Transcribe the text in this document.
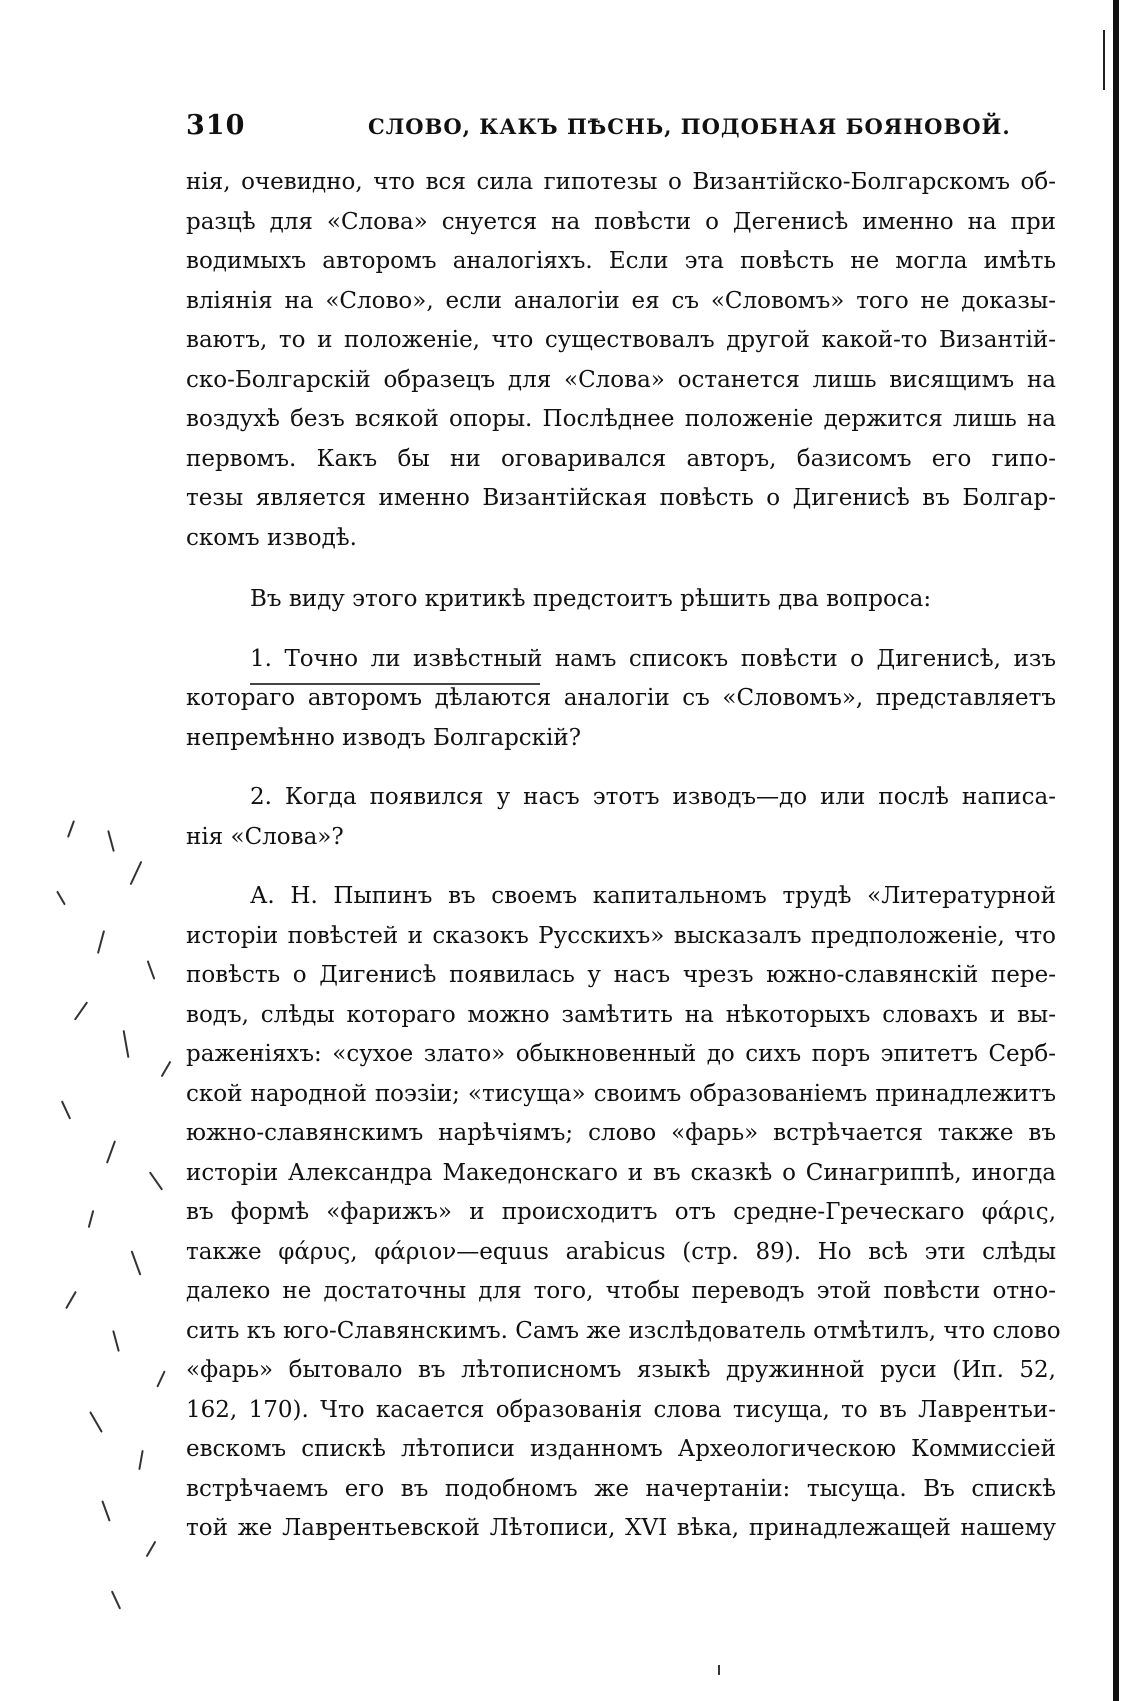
310	СЛОВО, КАКЪ ПѢСНЬ, ПОДОБНАЯ БОЯНОВОЙ.
нія, очевидно, что вся сила гипотезы о Византійско-Болгарскомъ об-
разцѣ для «Слова» снуется на повѣсти о Дегенисѣ именно на при
водимыхъ авторомъ аналогіяхъ. Если эта повѣсть не могла имѣть
вліянія на «Слово», если аналогіи ея съ «Словомъ» того не доказы-
ваютъ, то и положеніе, что существовалъ другой какой-то Византій-
ско-Болгарскій образецъ для «Слова» останется лишь висящимъ на
воздухѣ безъ всякой опоры. Послѣднее положеніе держится лишь на
первомъ. Какъ бы ни оговаривался авторъ, базисомъ его гипо-
тезы является именно Византійская повѣсть о Дигенисѣ въ Болгар-
скомъ изводѣ.
Въ виду этого критикѣ предстоитъ рѣшить два вопроса:
1. Точно ли извѣстный намъ списокъ повѣсти о Дигенисѣ, изъ
котораго авторомъ дѣлаются аналогіи съ «Словомъ», представляетъ
непремѣнно изводъ Болгарскій?
2. Когда появился у насъ этотъ изводъ—до или послѣ написа-
нія «Слова»?
А. Н. Пыпинъ въ своемъ капитальномъ трудѣ «Литературной
исторіи повѣстей и сказокъ Русскихъ» высказалъ предположеніе, что
повѣсть о Дигенисѣ появилась у насъ чрезъ южно-славянскій пере-
водъ, слѣды котораго можно замѣтить на нѣкоторыхъ словахъ и вы-
раженіяхъ: «сухое злато» обыкновенный до сихъ поръ эпитетъ Серб-
ской народной поэзіи; «тисуща» своимъ образованіемъ принадлежитъ
южно-славянскимъ нарѣчіямъ; слово «фарь» встрѣчается также въ
исторіи Александра Македонскаго и въ сказкѣ о Синагриппѣ, иногда
въ формѣ «фарижъ» и происходитъ отъ средне-Греческаго φάρις,
также φάρυς, φάριον—equus arabicus (стр. 89). Но всѣ эти слѣды
далеко не достаточны для того, чтобы переводъ этой повѣсти отно-
сить къ юго-Славянскимъ. Самъ же изслѣдователь отмѣтилъ, что слово
«фарь» бытовало въ лѣтописномъ языкѣ дружинной руси (Ип. 52,
162, 170). Что касается образованія слова тисуща, то въ Лаврентьи-
евскомъ спискѣ лѣтописи изданномъ Археологическою Коммиссіей
встрѣчаемъ его въ подобномъ же начертаніи: тысуща. Въ спискѣ
той же Лаврентьевской Лѣтописи, XVI вѣка, принадлежащей нашему
